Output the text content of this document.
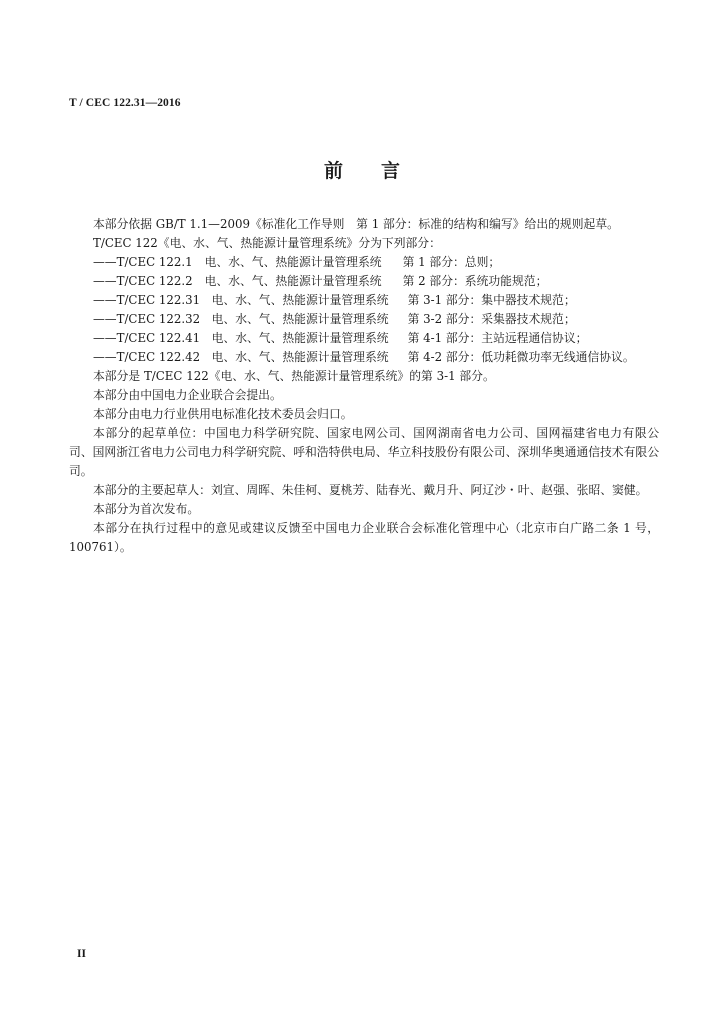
T / CEC 122.31—2016
前 言

本部分依据 GB/T 1.1—2009《标准化工作导则　第 1 部分：标准的结构和编写》给出的规则起草。

T/CEC 122《电、水、气、热能源计量管理系统》分为下列部分：

——T/CEC 122.1 电、水、气、热能源计量管理系统 第 1 部分：总则；
——T/CEC 122.2 电、水、气、热能源计量管理系统 第 2 部分：系统功能规范；
——T/CEC 122.31 电、水、气、热能源计量管理系统 第 3-1 部分：集中器技术规范；
——T/CEC 122.32 电、水、气、热能源计量管理系统 第 3-2 部分：采集器技术规范；
——T/CEC 122.41 电、水、气、热能源计量管理系统 第 4-1 部分：主站远程通信协议；
——T/CEC 122.42 电、水、气、热能源计量管理系统 第 4-2 部分：低功耗微功率无线通信协议。

本部分是 T/CEC 122《电、水、气、热能源计量管理系统》的第 3-1 部分。

本部分由中国电力企业联合会提出。

本部分由电力行业供用电标准化技术委员会归口。

本部分的起草单位：中国电力科学研究院、国家电网公司、国网湖南省电力公司、国网福建省电力有限公司、国网浙江省电力公司电力科学研究院、呼和浩特供电局、华立科技股份有限公司、深圳华奥通通信技术有限公司。

本部分的主要起草人：刘宣、周晖、朱佳柯、夏桃芳、陆春光、戴月升、阿辽沙・叶、赵强、张昭、窦健。

本部分为首次发布。

本部分在执行过程中的意见或建议反馈至中国电力企业联合会标准化管理中心（北京市白广路二条 1 号，100761）。

II
